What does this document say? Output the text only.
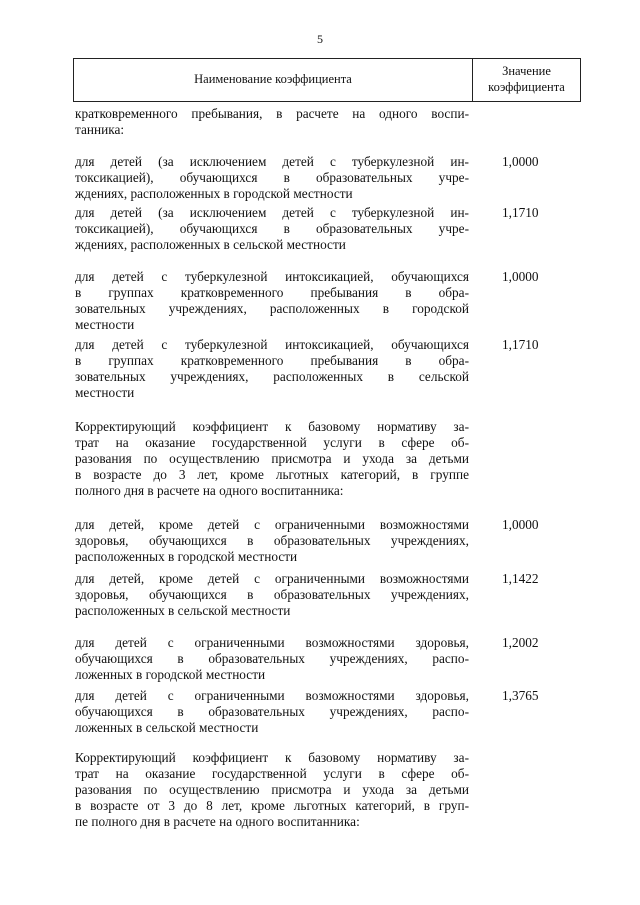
5
Наименование коэффициента
Значение
коэффициента
кратковременного пребывания, в расчете на одного воспи-
танника:
для детей (за исключением детей с туберкулезной ин-
токсикацией), обучающихся в образовательных учре-
ждениях, расположенных в городской местности
1,0000
для детей (за исключением детей с туберкулезной ин-
токсикацией), обучающихся в образовательных учре-
ждениях, расположенных в сельской местности
1,1710
для детей с туберкулезной интоксикацией, обучающихся
в группах кратковременного пребывания в обра-
зовательных учреждениях, расположенных в городской
местности
1,0000
для детей с туберкулезной интоксикацией, обучающихся
в группах кратковременного пребывания в обра-
зовательных учреждениях, расположенных в сельской
местности
1,1710
Корректирующий коэффициент к базовому нормативу за-
трат на оказание государственной услуги в сфере об-
разования по осуществлению присмотра и ухода за детьми
в возрасте до 3 лет, кроме льготных категорий, в группе
полного дня в расчете на одного воспитанника:
для детей, кроме детей с ограниченными возможностями
здоровья, обучающихся в образовательных учреждениях,
расположенных в городской местности
1,0000
для детей, кроме детей с ограниченными возможностями
здоровья, обучающихся в образовательных учреждениях,
расположенных в сельской местности
1,1422
для детей с ограниченными возможностями здоровья,
обучающихся в образовательных учреждениях, распо-
ложенных в городской местности
1,2002
для детей с ограниченными возможностями здоровья,
обучающихся в образовательных учреждениях, распо-
ложенных в сельской местности
1,3765
Корректирующий коэффициент к базовому нормативу за-
трат на оказание государственной услуги в сфере об-
разования по осуществлению присмотра и ухода за детьми
в возрасте от 3 до 8 лет, кроме льготных категорий, в груп-
пе полного дня в расчете на одного воспитанника:
